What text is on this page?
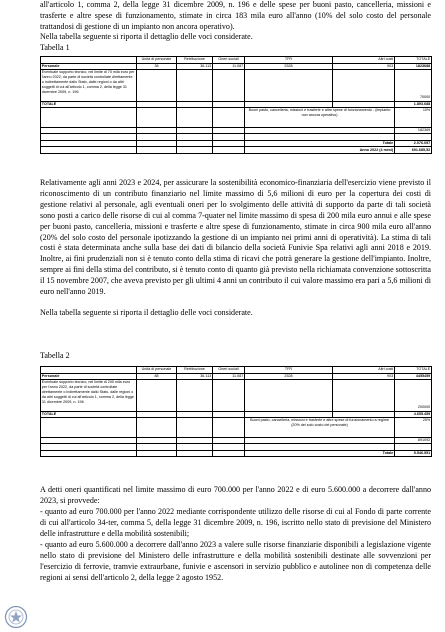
all'articolo 1, comma 2, della legge 31 dicembre 2009, n. 196 e delle spese per buoni pasto, cancelleria, missioni e trasferte e altre spese di funzionamento, stimate in circa 183 mila euro all'anno (10% del solo costo del personale trattandosi di gestione di un impianto non ancora operativo).

Nella tabella seguente si riporta il dettaglio delle voci considerate.

Tabella 1

	Unità di personale	Retribuzione	Oneri sociali	TFR	Altri costi	TOTALE
Personale	36	36.113	11.087	2528	903	1823688
Eventuale supporto tecnico, nel limite di 70 mila euro per l'anno 2022, da parte di società controllate direttamente o indirettamente dallo Stato, dalle regioni o da altri soggetti di cui all'articolo 1, comma 2, della legge 31 dicembre 2009, n. 196						70000
TOTALE						1.893.688
				Buoni pasto, cancelleria, missioni e trasferte e altre spese di funzionamento - (impianto non ancora operativo)		10%
						182369

				Totale		2.076.057
				Anno 2022 (4 mesi)		691.685,52

Relativamente agli anni 2023 e 2024, per assicurare la sostenibilità economico-finanziaria dell'esercizio viene previsto il riconoscimento di un contributo finanziario nel limite massimo di 5,6 milioni di euro per la copertura dei costi di gestione relativi al personale, agli eventuali oneri per lo svolgimento delle attività di supporto da parte di tali società sono posti a carico delle risorse di cui al comma 7-quater nel limite massimo di spesa di 200 mila euro annui e alle spese per buoni pasto, cancelleria, missioni e trasferte e altre spese di funzionamento, stimate in circa 900 mila euro all'anno (20% del solo costo del personale ipotizzando la gestione di un impianto nei primi anni di operatività). La stima di tali costi è stata determinata anche sulla base dei dati di bilancio della società Funivie Spa relativi agli anni 2018 e 2019. Inoltre, ai fini prudenziali non si è tenuto conto della stima di ricavi che potrà generare la gestione dell'impianto. Inoltre, sempre ai fini della stima del contributo, si è tenuto conto di quanto già previsto nella richiamata convenzione sottoscritta il 15 novembre 2007, che aveva previsto per gli ultimi 4 anni un contributo il cui valore massimo era pari a 5,6 milioni di euro nell'anno 2019.

Nella tabella seguente si riporta il dettaglio delle voci considerate.

Tabella 2

	Unità di personale	Retribuzione	Oneri sociali	TFR	Altri costi	TOTALE
Personale	88	36.113	11.087	2528	903	4455459
Eventuale supporto tecnico, nel limite di 200 mila euro per l'anno 2022, da parte di società controllate direttamente o indirettamente dallo Stato, dalle regioni o da altri soggetti di cui all'articolo 1, comma 2, della legge 31 dicembre 2009, n. 196						200000
TOTALE						4.655.459
				Buoni pasto, cancelleria, missioni e trasferte e altre spese di funzionamento a regime (20% del solo costo del personale)		20%
						891092

				Totale		5.546.551

A detti oneri quantificati nel limite massimo di euro 700.000 per l'anno 2022 e di euro 5.600.000 a decorrere dall'anno 2023, si provvede:

- quanto ad euro 700.000 per l'anno 2022 mediante corrispondente utilizzo delle risorse di cui al Fondo di parte corrente di cui all'articolo 34-ter, comma 5, della legge 31 dicembre 2009, n. 196, iscritto nello stato di previsione del Ministero delle infrastrutture e della mobilità sostenibili;

- quanto ad euro 5.600.000 a decorrere dall'anno 2023 a valere sulle risorse finanziarie disponibili a legislazione vigente nello stato di previsione del Ministero delle infrastrutture e della mobilità sostenibili destinate alle sovvenzioni per l'esercizio di ferrovie, tramvie extraurbane, funivie e ascensori in servizio pubblico e autolinee non di competenza delle regioni ai sensi dell'articolo 2, della legge 2 agosto 1952.
